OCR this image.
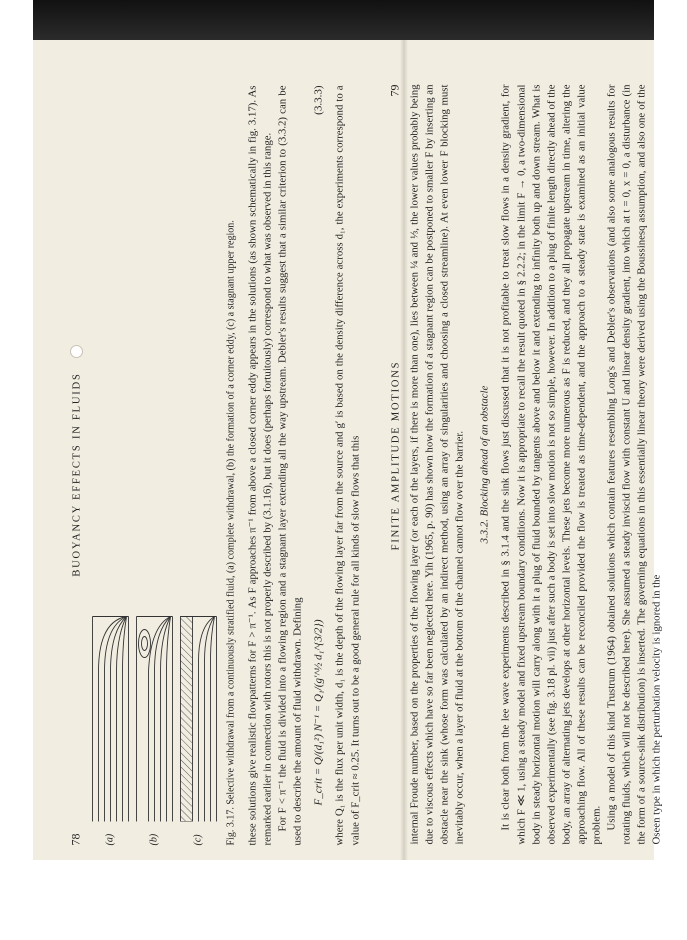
FINITE AMPLITUDE MOTIONS
79 internal Froude number, based on the properties of the flowing layer (or each of the layers, if there is more than one), lies between ¼ and ⅓, the lower values probably being due to viscous effects which have so far been neglected here. Yih (1965, p. 90) has shown how the formation of a stagnant region can be postponed to smaller F by inserting an obstacle near the sink (whose form was calculated by an indirect method, using an array of singularities and choosing a closed streamline). At even lower F blocking must inevitably occur, when a layer of fluid at the bottom of the channel cannot flow over the barrier. 3.3.2. Blocking ahead of an obstacle It is clear both from the lee wave experiments described in § 3.1.4 and the sink flows just discussed that it is not profitable to treat slow flows in a density gradient, for which F ≪ 1, using a steady model and fixed upstream boundary conditions. Now it is appropriate to recall the result quoted in § 2.2.2; in the limit F → 0, a two-dimensional body in steady horizontal motion will carry along with it a plug of fluid bounded by tangents above and below it and extending to infinity both up and down stream. What is observed experimentally (see fig. 3.18 pl. vii) just after such a body is set into slow motion is not so simple, however. In addition to a plug of finite length directly ahead of the body, an array of alternating jets develops at other horizontal levels. These jets become more numerous as F is reduced, and they all propagate upstream in time, altering the approaching flow. All of these results can be reconciled provided the flow is treated as time-dependent, and the approach to a steady state is examined as an initial value problem. Using a model of this kind Trustrum (1964) obtained solutions which contain features resembling Long's and Debler's observations (and also some analogous results for rotating fluids, which will not be described here). She assumed a steady inviscid flow with constant U and linear density gradient, into which at t = 0, x = 0, a disturbance (in the form of a source-sink distribution) is inserted. The governing equations in this essentially linear theory were derived using the Boussinesq assumption, and also one of the Oseen type in which the perturbation velocity is ignored in the

78
BUOYANCY EFFECTS IN FLUIDS
(a)	(b)	(c) Fig. 3.17. Selective withdrawal from a continuously stratified fluid, (a) complete withdrawal, (b) the formation of a corner eddy, (c) a stagnant upper region. these solutions give realistic flowpatterns for F > π⁻¹. As F approaches π⁻¹ from above a closed corner eddy appears in the solutions (as shown schematically in fig. 3.17). As remarked earlier in connection with rotors this is not properly described by (3.1.16), but it does (perhaps fortuitously) correspond to what was observed in this range. For F < π⁻¹ the fluid is divided into a flowing region and a stagnant layer extending all the way upstream. Debler's results suggest that a similar criterion to (3.3.2) can be used to describe the amount of fluid withdrawn. Defining F_crit = Q/(d₁²) N⁻¹ = Q₁/(g′^½ d₁^{3/2})
(3.3.3) where Q₁ is the flux per unit width, d₁ is the depth of the flowing layer far from the source and g′ is based on the density difference across d₁, the experiments correspond to a value of F_crit ≈ 0.25. It turns out to be a good general rule for all kinds of slow flows that this
